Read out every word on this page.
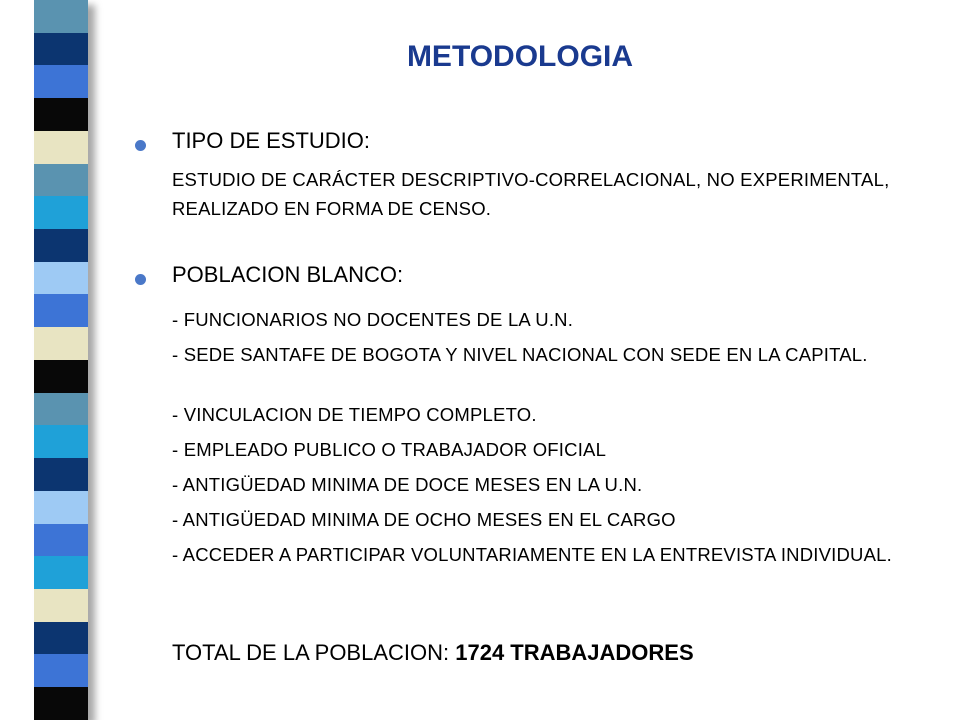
METODOLOGIA
TIPO DE ESTUDIO:
ESTUDIO DE CARÁCTER DESCRIPTIVO-CORRELACIONAL, NO EXPERIMENTAL, REALIZADO EN FORMA DE CENSO.
POBLACION BLANCO:
- FUNCIONARIOS NO DOCENTES DE LA U.N.
- SEDE SANTAFE DE BOGOTA Y NIVEL NACIONAL CON SEDE EN LA CAPITAL.
- VINCULACION DE TIEMPO COMPLETO.
- EMPLEADO PUBLICO O TRABAJADOR OFICIAL
- ANTIGÜEDAD MINIMA DE DOCE MESES EN LA U.N.
- ANTIGÜEDAD MINIMA DE OCHO MESES EN EL CARGO
- ACCEDER A PARTICIPAR VOLUNTARIAMENTE EN LA ENTREVISTA INDIVIDUAL.
TOTAL DE LA POBLACION: 1724 TRABAJADORES
